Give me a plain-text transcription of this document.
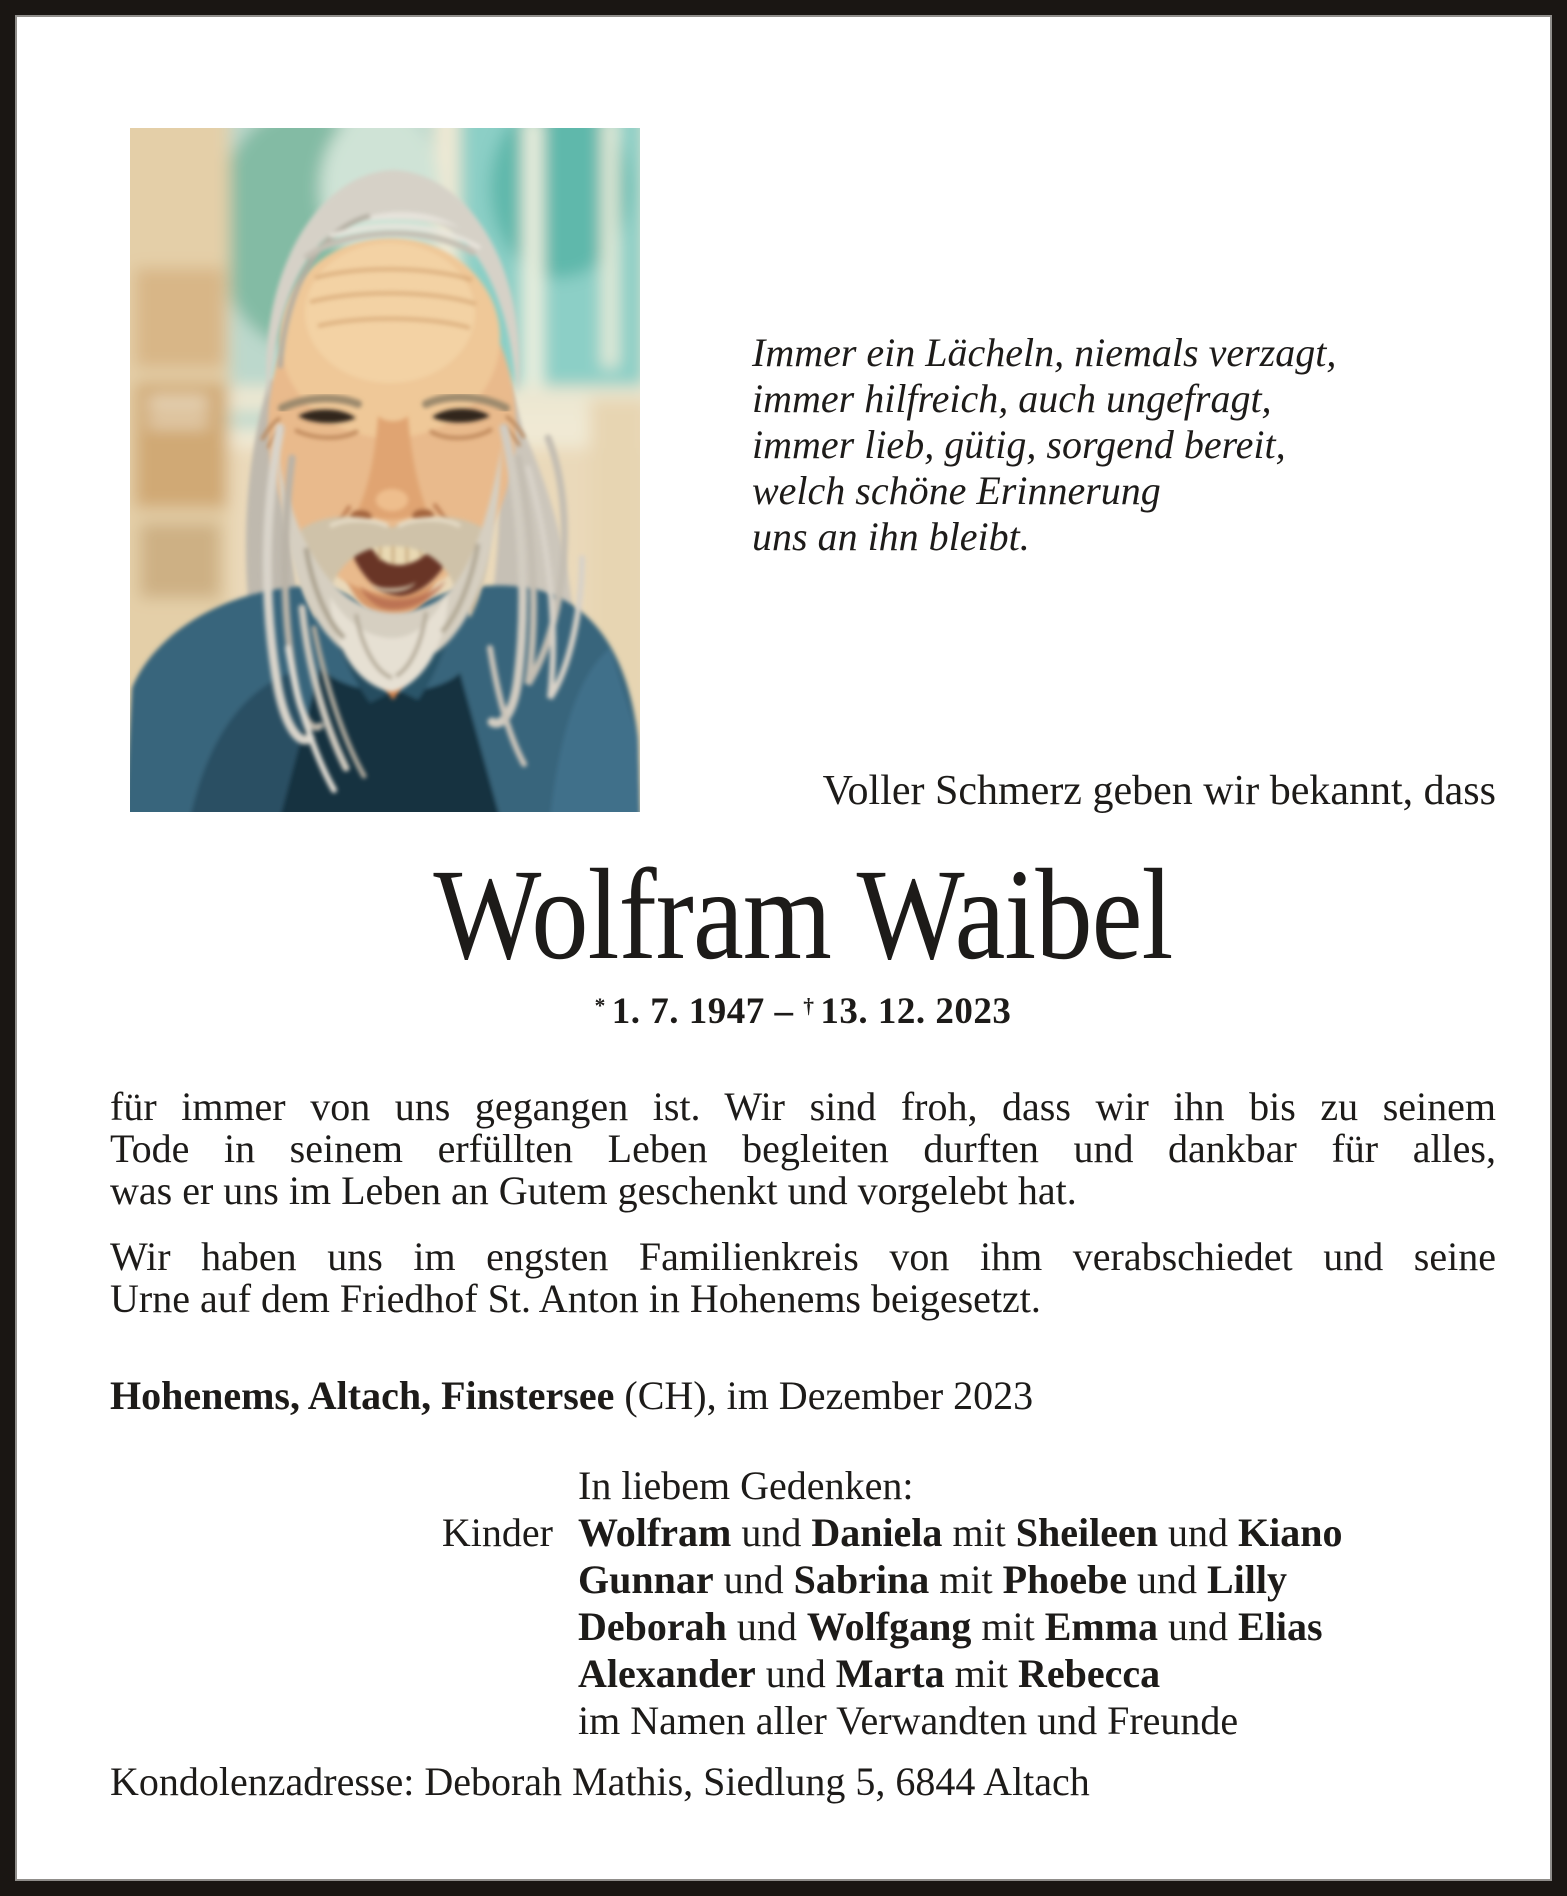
Immer ein Lächeln, niemals verzagt,
immer hilfreich, auch ungefragt,
immer lieb, gütig, sorgend bereit,
welch schöne Erinnerung
uns an ihn bleibt.
Voller Schmerz geben wir bekannt, dass
Wolfram Waibel
* 1. 7. 1947 – † 13. 12. 2023
für immer von uns gegangen ist. Wir sind froh, dass wir ihn bis zu seinem
Tode in seinem erfüllten Leben begleiten durften und dankbar für alles,
was er uns im Leben an Gutem geschenkt und vorgelebt hat.
Wir haben uns im engsten Familienkreis von ihm verabschiedet und seine
Urne auf dem Friedhof St. Anton in Hohenems beigesetzt.
Hohenems, Altach, Finstersee (CH), im Dezember 2023
Kinder
In liebem Gedenken:
Wolfram und Daniela mit Sheileen und Kiano
Gunnar und Sabrina mit Phoebe und Lilly
Deborah und Wolfgang mit Emma und Elias
Alexander und Marta mit Rebecca
im Namen aller Verwandten und Freunde
Kondolenzadresse: Deborah Mathis, Siedlung 5, 6844 Altach
